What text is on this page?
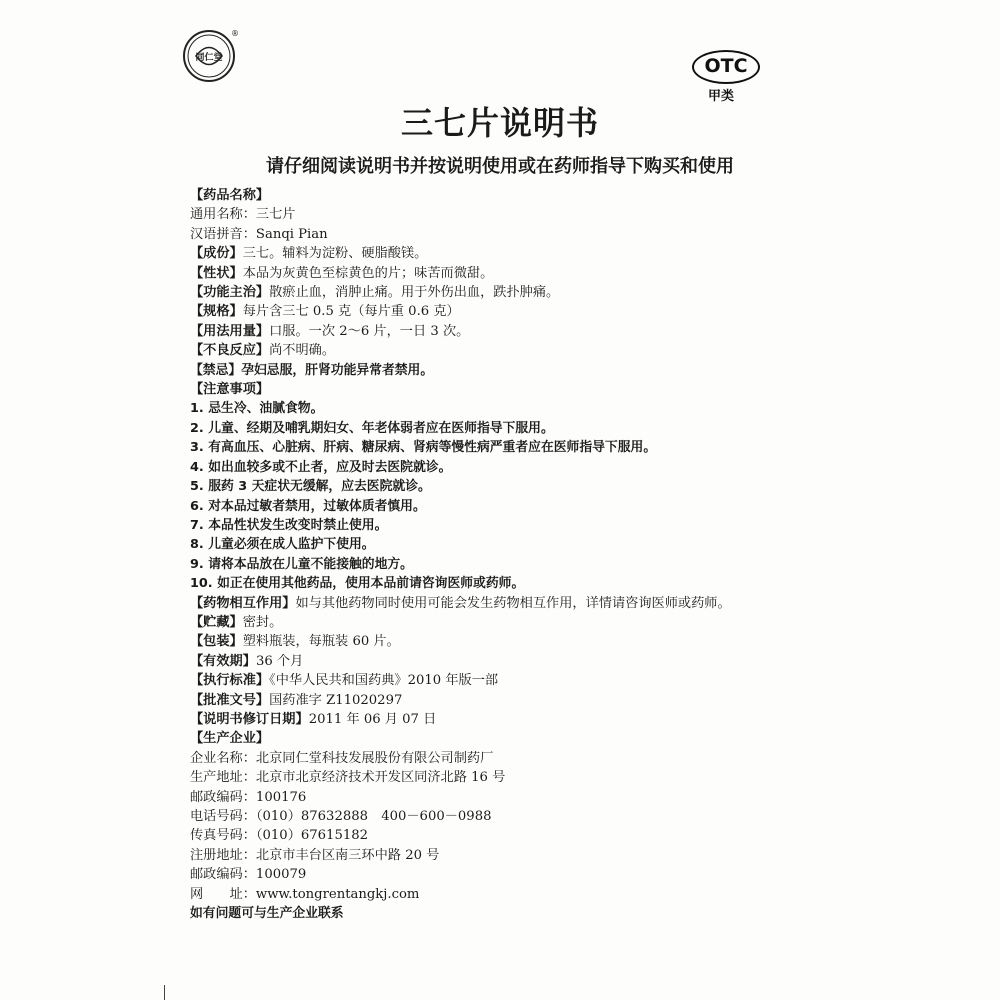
同仁堂
®
OTC
甲类
三七片说明书
请仔细阅读说明书并按说明使用或在药师指导下购买和使用
【药品名称】
通用名称：三七片
汉语拼音：Sanqi Pian
【成份】三七。辅料为淀粉、硬脂酸镁。
【性状】本品为灰黄色至棕黄色的片；味苦而微甜。
【功能主治】散瘀止血，消肿止痛。用于外伤出血，跌扑肿痛。
【规格】每片含三七 0.5 克（每片重 0.6 克）
【用法用量】口服。一次 2～6 片，一日 3 次。
【不良反应】尚不明确。
【禁忌】孕妇忌服，肝肾功能异常者禁用。
【注意事项】
1. 忌生冷、油腻食物。
2. 儿童、经期及哺乳期妇女、年老体弱者应在医师指导下服用。
3. 有高血压、心脏病、肝病、糖尿病、肾病等慢性病严重者应在医师指导下服用。
4. 如出血较多或不止者，应及时去医院就诊。
5. 服药 3 天症状无缓解，应去医院就诊。
6. 对本品过敏者禁用，过敏体质者慎用。
7. 本品性状发生改变时禁止使用。
8. 儿童必须在成人监护下使用。
9. 请将本品放在儿童不能接触的地方。
10. 如正在使用其他药品，使用本品前请咨询医师或药师。
【药物相互作用】如与其他药物同时使用可能会发生药物相互作用，详情请咨询医师或药师。
【贮藏】密封。
【包装】塑料瓶装，每瓶装 60 片。
【有效期】36 个月
【执行标准】《中华人民共和国药典》2010 年版一部
【批准文号】国药准字 Z11020297
【说明书修订日期】2011 年 06 月 07 日
【生产企业】
企业名称：北京同仁堂科技发展股份有限公司制药厂
生产地址：北京市北京经济技术开发区同济北路 16 号
邮政编码：100176
电话号码：（010）87632888　400－600－0988
传真号码：（010）67615182
注册地址：北京市丰台区南三环中路 20 号
邮政编码：100079
网　　址：www.tongrentangkj.com
如有问题可与生产企业联系
